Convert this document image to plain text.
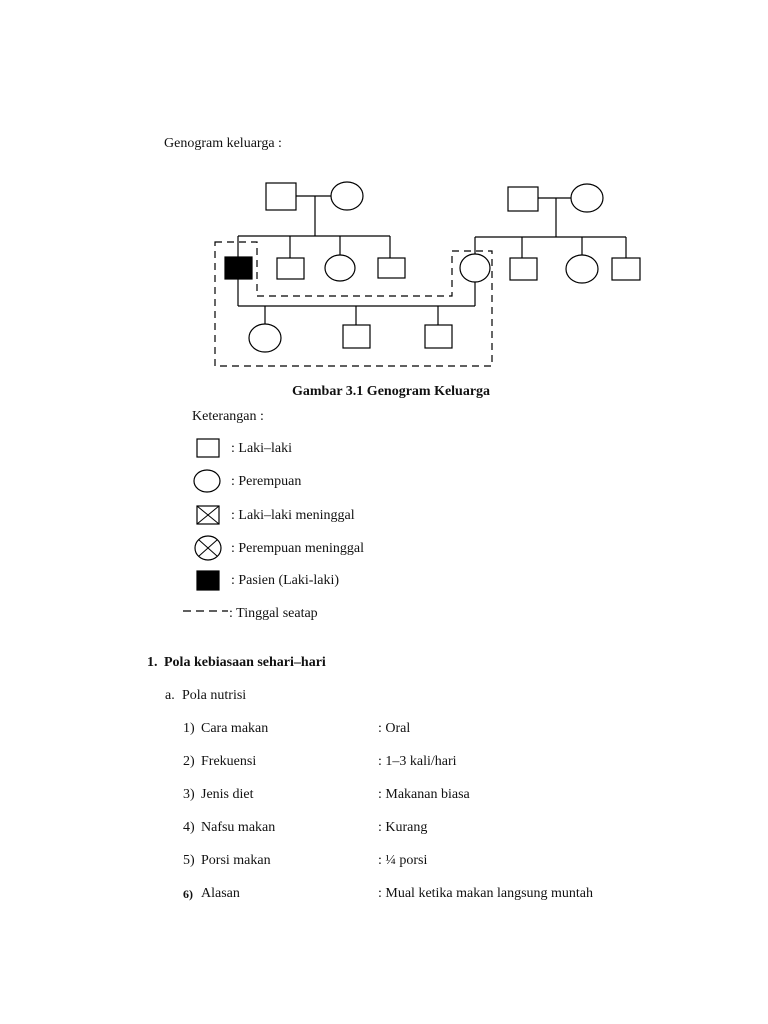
Genogram keluarga :
Gambar 3.1 Genogram Keluarga
Keterangan :
: Laki–laki
: Perempuan
: Laki–laki meninggal
: Perempuan meninggal
: Pasien (Laki-laki)
: Tinggal seatap
1. Pola kebiasaan sehari–hari
a. Pola nutrisi
1) Cara makan	: Oral
2) Frekuensi	: 1–3 kali/hari
3) Jenis diet	: Makanan biasa
4) Nafsu makan	: Kurang
5) Porsi makan	: ¼ porsi
6) Alasan	: Mual ketika makan langsung muntah
